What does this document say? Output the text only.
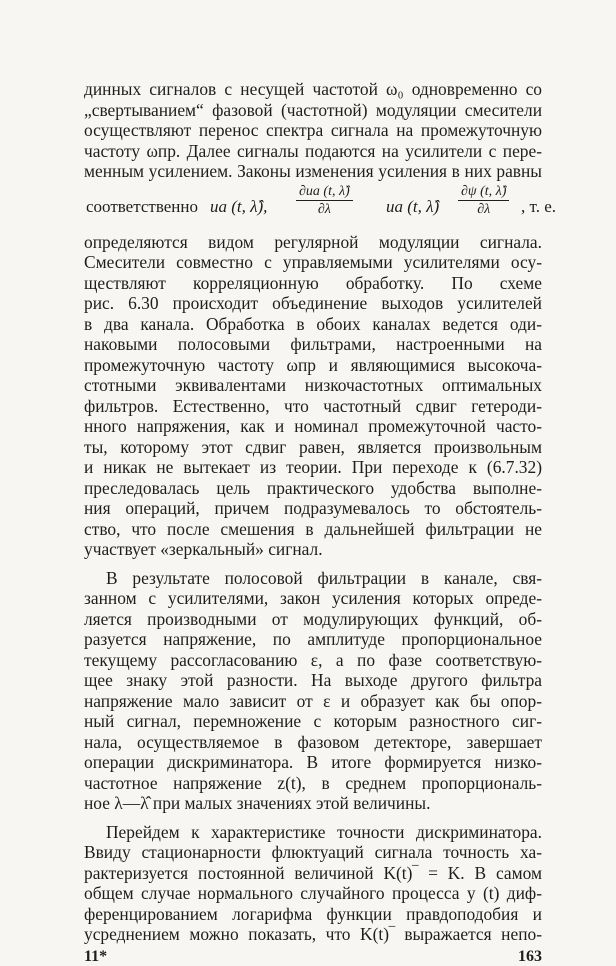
динных сигналов с несущей частотой ω₀ одновременно со
„свертыванием“ фазовой (частотной) модуляции смесители
осуществляют перенос спектра сигнала на промежуточную
частоту ωпр. Далее сигналы подаются на усилители с пере-
менным усилением. Законы изменения усиления в них равны
соответственно uа (t, λ̂),
∂uа (t, λ̂)
∂λ	uа (t, λ̂) $\frac{\partial\psi (t, \lambdâ)}{\partial\lambda}$ , т. е.
определяются видом регулярной модуляции сигнала.
Смесители совместно с управляемыми усилителями осу-
ществляют корреляционную обработку. По схеме
рис. 6.30 происходит объединение выходов усилителей
в два канала. Обработка в обоих каналах ведется оди-
наковыми полосовыми фильтрами, настроенными на
промежуточную частоту ωпр и являющимися высокоча-
стотными эквивалентами низкочастотных оптимальных
фильтров. Естественно, что частотный сдвиг гетероди-
нного напряжения, как и номинал промежуточной часто-
ты, которому этот сдвиг равен, является произвольным
и никак не вытекает из теории. При переходе к (6.7.32)
преследовалась цель практического удобства выполне-
ния операций, причем подразумевалось то обстоятель-
ство, что после смешения в дальнейшей фильтрации не
участвует «зеркальный» сигнал.
В результате полосовой фильтрации в канале, свя-
занном с усилителями, закон усиления которых опреде-
ляется производными от модулирующих функций, об-
разуется напряжение, по амплитуде пропорциональное
текущему рассогласованию ε, а по фазе соответствую-
щее знаку этой разности. На выходе другого фильтра
напряжение мало зависит от ε и образует как бы опор-
ный сигнал, перемножение с которым разностного сиг-
нала, осуществляемое в фазовом детекторе, завершает
операции дискриминатора. В итоге формируется низко-
частотное напряжение z(t), в среднем пропорциональ-
ное λ—λ̂ при малых значениях этой величины.
11*	163
Перейдем к характеристике точности дискриминатора.
Ввиду стационарности флюктуаций сигнала точность ха-
рактеризуется постоянной величиной K(t)‾ = K. В самом
общем случае нормального случайного процесса y (t) диф-
ференцированием логарифма функции правдоподобия и
усреднением можно показать, что K(t)‾ выражается непо-
